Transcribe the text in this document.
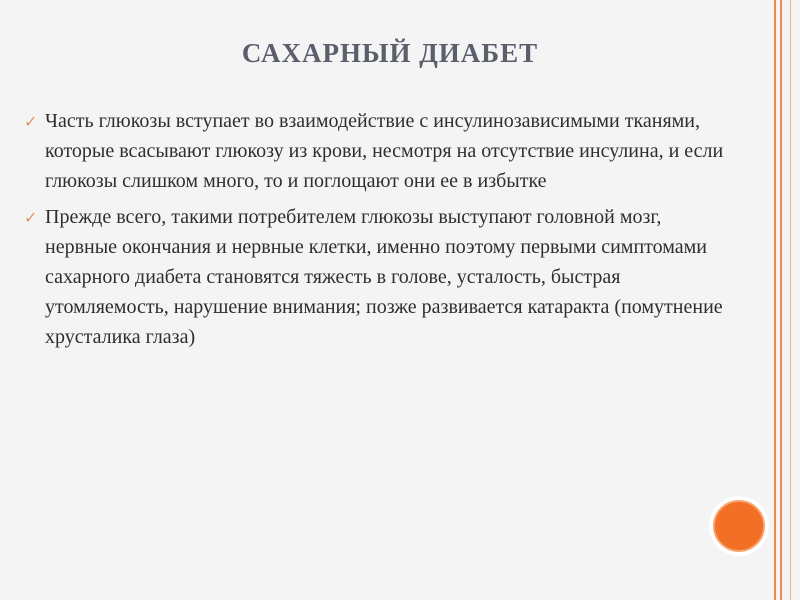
САХАРНЫЙ ДИАБЕТ
✓ Часть глюкозы вступает во взаимодействие с инсулинозависимыми тканями, которые всасывают глюкозу из крови, несмотря на отсутствие инсулина, и если глюкозы слишком много, то и поглощают они ее в избытке
✓ Прежде всего, такими потребителем глюкозы выступают головной мозг, нервные окончания и нервные клетки, именно поэтому первыми симптомами сахарного диабета становятся тяжесть в голове, усталость, быстрая утомляемость, нарушение внимания; позже развивается катаракта (помутнение хрусталика глаза)
